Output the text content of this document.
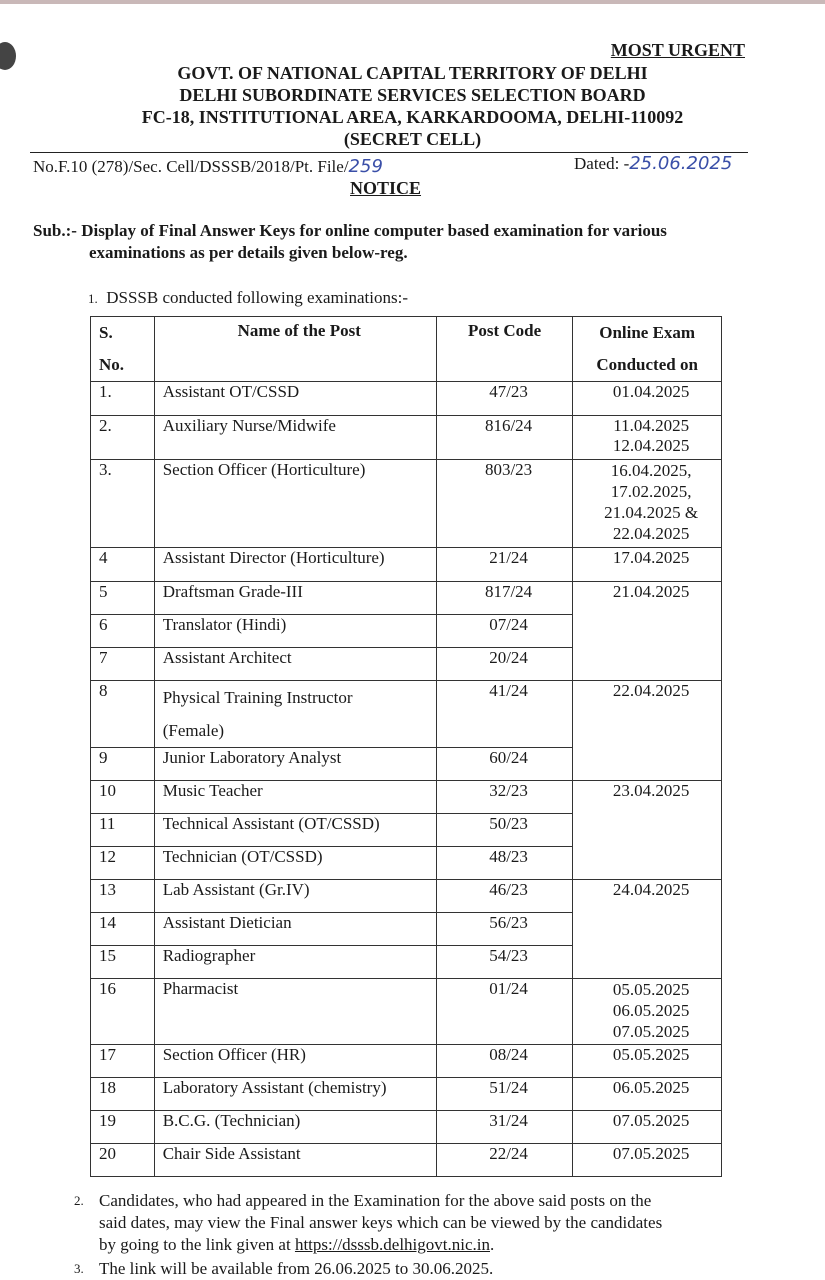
MOST URGENT
GOVT. OF NATIONAL CAPITAL TERRITORY OF DELHI
DELHI SUBORDINATE SERVICES SELECTION BOARD
FC-18, INSTITUTIONAL AREA, KARKARDOOMA, DELHI-110092
(SECRET CELL)
No.F.10 (278)/Sec. Cell/DSSSB/2018/Pt. File/259	Dated: -25.06.2025
NOTICE
Sub.:- Display of Final Answer Keys for online computer based examination for various
examinations as per details given below-reg.
1. DSSSB conducted following examinations:-
S.
No.	Name of the Post	Post Code	Online Exam
Conducted on
1.	Assistant OT/CSSD	47/23	01.04.2025
2.	Auxiliary Nurse/Midwife	816/24	11.04.2025
12.04.2025
3.	Section Officer (Horticulture)	803/23	16.04.2025,
17.02.2025,
21.04.2025 &
22.04.2025
4	Assistant Director (Horticulture)	21/24	17.04.2025
5	Draftsman Grade-III	817/24	21.04.2025
6	Translator (Hindi)	07/24	
7	Assistant Architect	20/24	
8	Physical Training Instructor
(Female)	41/24	22.04.2025
9	Junior Laboratory Analyst	60/24	
10	Music Teacher	32/23	23.04.2025
11	Technical Assistant (OT/CSSD)	50/23	
12	Technician (OT/CSSD)	48/23	
13	Lab Assistant (Gr.IV)	46/23	24.04.2025
14	Assistant Dietician	56/23	
15	Radiographer	54/23	
16	Pharmacist	01/24	05.05.2025
06.05.2025
07.05.2025
17	Section Officer (HR)	08/24	05.05.2025
18	Laboratory Assistant (chemistry)	51/24	06.05.2025
19	B.C.G. (Technician)	31/24	07.05.2025
20	Chair Side Assistant	22/24	07.05.2025
2. Candidates, who had appeared in the Examination for the above said posts on the
said dates, may view the Final answer keys which can be viewed by the candidates
by going to the link given at https://dsssb.delhigovt.nic.in.
3. The link will be available from 26.06.2025 to 30.06.2025.
